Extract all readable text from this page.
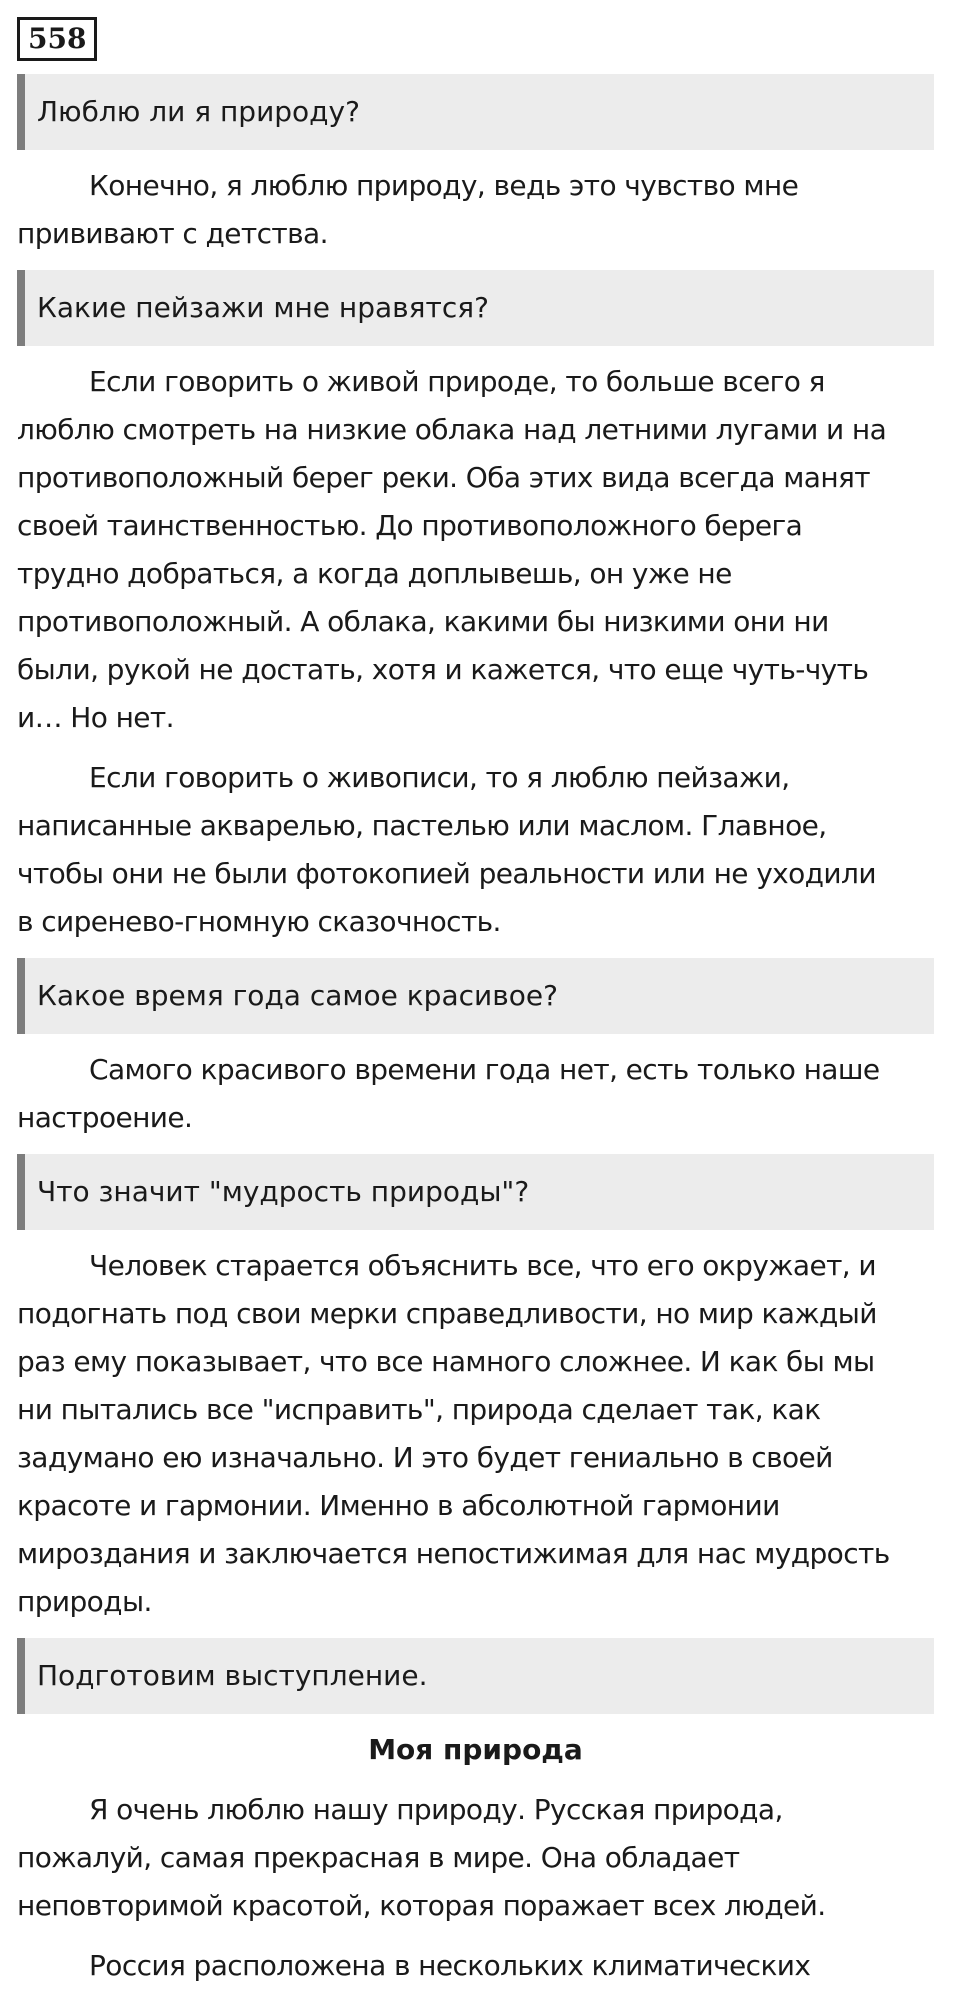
558
Люблю ли я природу?
Конечно, я люблю природу, ведь это чувство мне
прививают с детства.
Какие пейзажи мне нравятся?
Если говорить о живой природе, то больше всего я
люблю смотреть на низкие облака над летними лугами и на
противоположный берег реки. Оба этих вида всегда манят
своей таинственностью. До противоположного берега
трудно добраться, а когда доплывешь, он уже не
противоположный. А облака, какими бы низкими они ни
были, рукой не достать, хотя и кажется, что еще чуть-чуть
и… Но нет.
Если говорить о живописи, то я люблю пейзажи,
написанные акварелью, пастелью или маслом. Главное,
чтобы они не были фотокопией реальности или не уходили
в сиренево-гномную сказочность.
Какое время года самое красивое?
Самого красивого времени года нет, есть только наше
настроение.
Что значит "мудрость природы"?
Человек старается объяснить все, что его окружает, и
подогнать под свои мерки справедливости, но мир каждый
раз ему показывает, что все намного сложнее. И как бы мы
ни пытались все "исправить", природа сделает так, как
задумано ею изначально. И это будет гениально в своей
красоте и гармонии. Именно в абсолютной гармонии
мироздания и заключается непостижимая для нас мудрость
природы.
Подготовим выступление.
Моя природа
Я очень люблю нашу природу. Русская природа,
пожалуй, самая прекрасная в мире. Она обладает
неповторимой красотой, которая поражает всех людей.
Россия расположена в нескольких климатических
